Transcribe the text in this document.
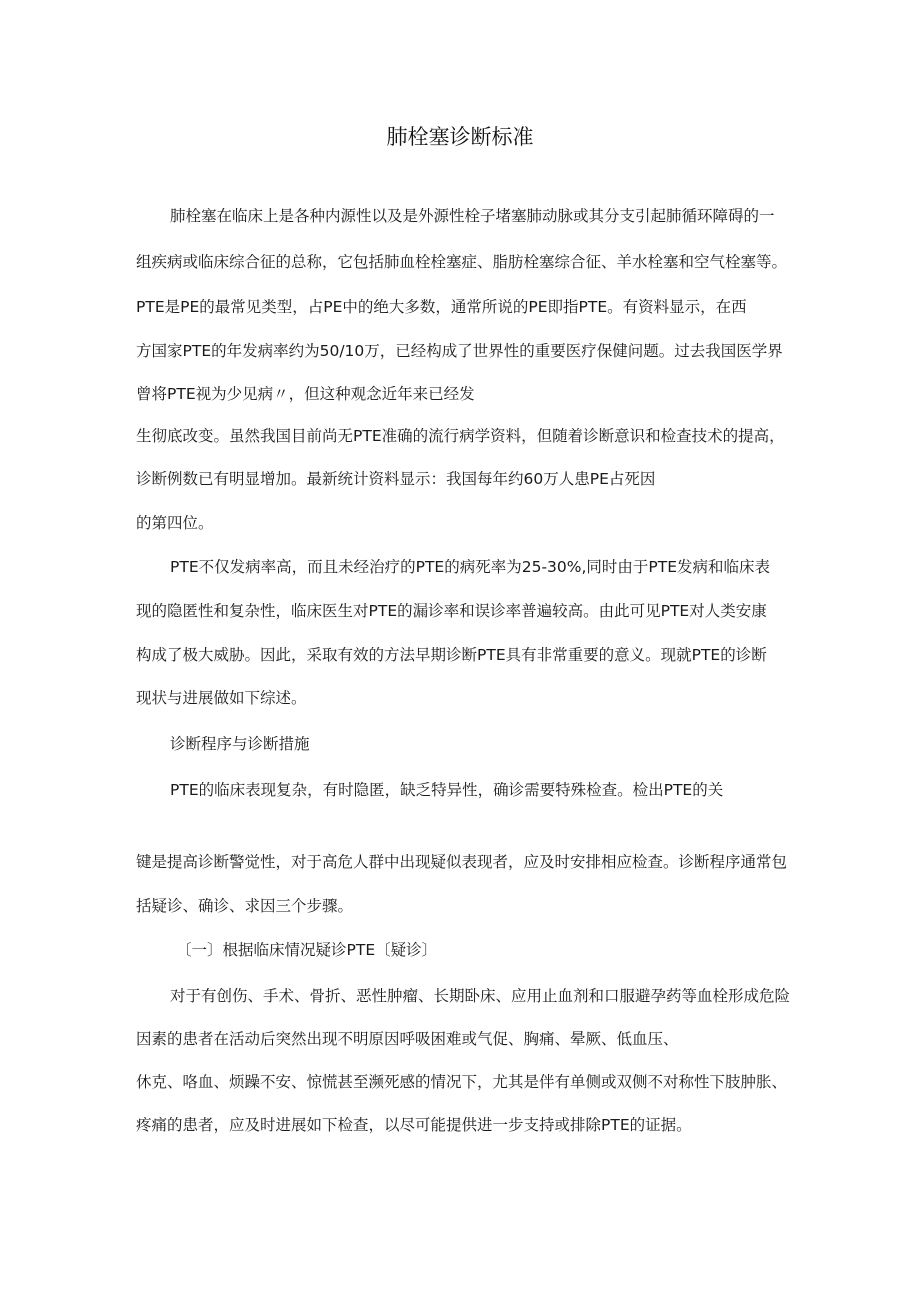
肺栓塞诊断标准
肺栓塞在临床上是各种内源性以及是外源性栓子堵塞肺动脉或其分支引起肺循环障碍的一
组疾病或临床综合征的总称，它包括肺血栓栓塞症、脂肪栓塞综合征、羊水栓塞和空气栓塞等。
PTE是PE的最常见类型，占PE中的绝大多数，通常所说的PE即指PTE。有资料显示，在西
方国家PTE的年发病率约为50/10万，已经构成了世界性的重要医疗保健问题。过去我国医学界
曾将PTE视为少见病〃，但这种观念近年来已经发
生彻底改变。虽然我国目前尚无PTE准确的流行病学资料，但随着诊断意识和检查技术的提高，
诊断例数已有明显增加。最新统计资料显示：我国每年约60万人患PE占死因
的第四位。
PTE不仅发病率高，而且未经治疗的PTE的病死率为25-30%,同时由于PTE发病和临床表
现的隐匿性和复杂性，临床医生对PTE的漏诊率和误诊率普遍较高。由此可见PTE对人类安康
构成了极大威胁。因此，采取有效的方法早期诊断PTE具有非常重要的意义。现就PTE的诊断
现状与进展做如下综述。
诊断程序与诊断措施
PTE的临床表现复杂，有时隐匿，缺乏特异性，确诊需要特殊检查。检出PTE的关
键是提高诊断警觉性，对于高危人群中出现疑似表现者，应及时安排相应检查。诊断程序通常包
括疑诊、确诊、求因三个步骤。
〔一〕根据临床情况疑诊PTE〔疑诊〕
对于有创伤、手术、骨折、恶性肿瘤、长期卧床、应用止血剂和口服避孕药等血栓形成危险
因素的患者在活动后突然出现不明原因呼吸困难或气促、胸痛、晕厥、低血压、
休克、咯血、烦躁不安、惊慌甚至濒死感的情况下，尤其是伴有单侧或双侧不对称性下肢肿胀、
疼痛的患者，应及时进展如下检查，以尽可能提供进一步支持或排除PTE的证据。
